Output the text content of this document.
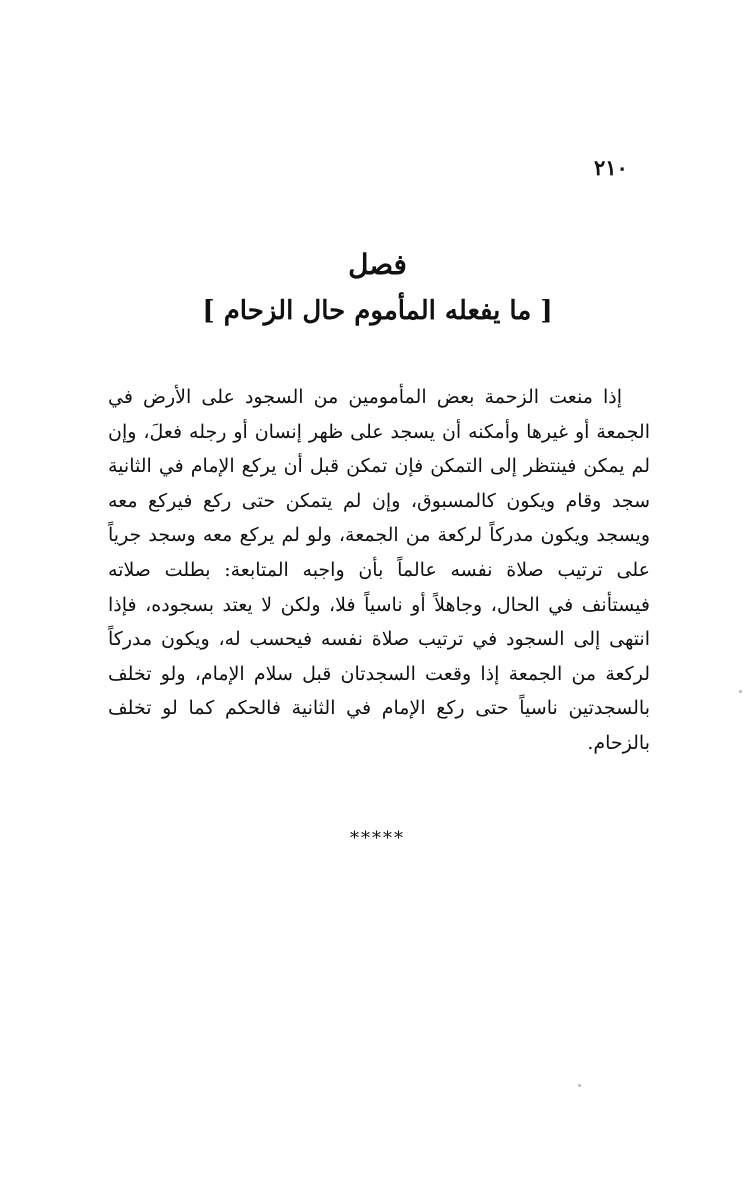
٢١٠
فصل
[ ما يفعله المأموم حال الزحام ]

إذا منعت الزحمة بعض المأمومين من السجود على الأرض في الجمعة أو غيرها وأمكنه أن يسجد على ظهر إنسان أو رجله فعلَ، وإن لم يمكن فينتظر إلى التمكن فإن تمكن قبل أن يركع الإمام في الثانية سجد وقام ويكون كالمسبوق، وإن لم يتمكن حتى ركع فيركع معه ويسجد ويكون مدركاً لركعة من الجمعة، ولو لم يركع معه وسجد جرياً على ترتيب صلاة نفسه عالماً بأن واجبه المتابعة: بطلت صلاته فيستأنف في الحال، وجاهلاً أو ناسياً فلا، ولكن لا يعتد بسجوده، فإذا انتهى إلى السجود في ترتيب صلاة نفسه فيحسب له، ويكون مدركاً لركعة من الجمعة إذا وقعت السجدتان قبل سلام الإمام، ولو تخلف بالسجدتين ناسياً حتى ركع الإمام في الثانية فالحكم كما لو تخلف بالزحام.

*****
